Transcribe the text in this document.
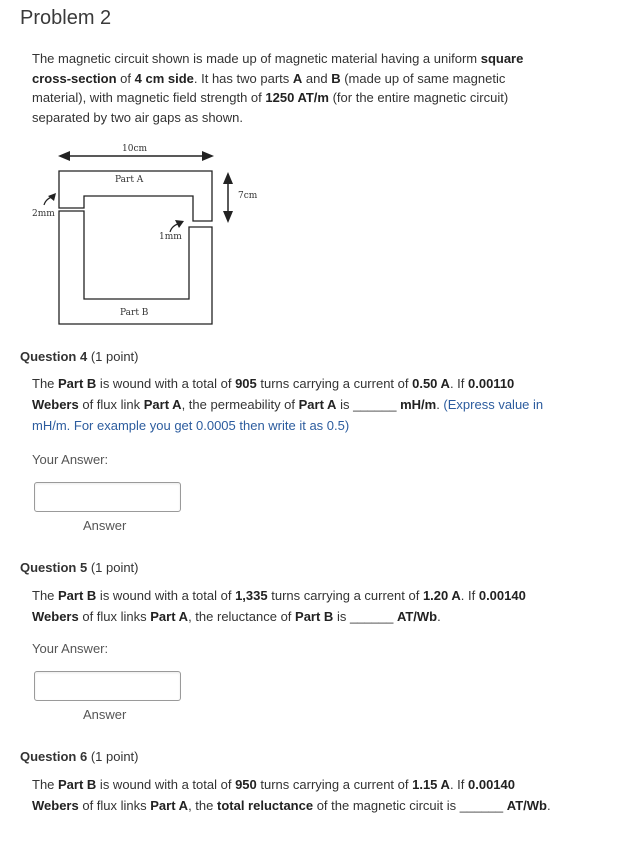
Problem 2
The magnetic circuit shown is made up of magnetic material having a uniform square cross-section of 4 cm side. It has two parts A and B (made up of same magnetic material), with magnetic field strength of 1250 AT/m (for the entire magnetic circuit) separated by two air gaps as shown.
10cm
Part A
Part B
7cm
2mm
1mm
Question 4 (1 point)
The Part B is wound with a total of 905 turns carrying a current of 0.50 A. If 0.00110 Webers of flux link Part A, the permeability of Part A is ______ mH/m. (Express value in mH/m. For example you get 0.0005 then write it as 0.5)
Your Answer:
Answer
Question 5 (1 point)
The Part B is wound with a total of 1,335 turns carrying a current of 1.20 A. If 0.00140 Webers of flux links Part A, the reluctance of Part B is ______ AT/Wb.
Your Answer:
Answer
Question 6 (1 point)
The Part B is wound with a total of 950 turns carrying a current of 1.15 A. If 0.00140 Webers of flux links Part A, the total reluctance of the magnetic circuit is ______ AT/Wb.
